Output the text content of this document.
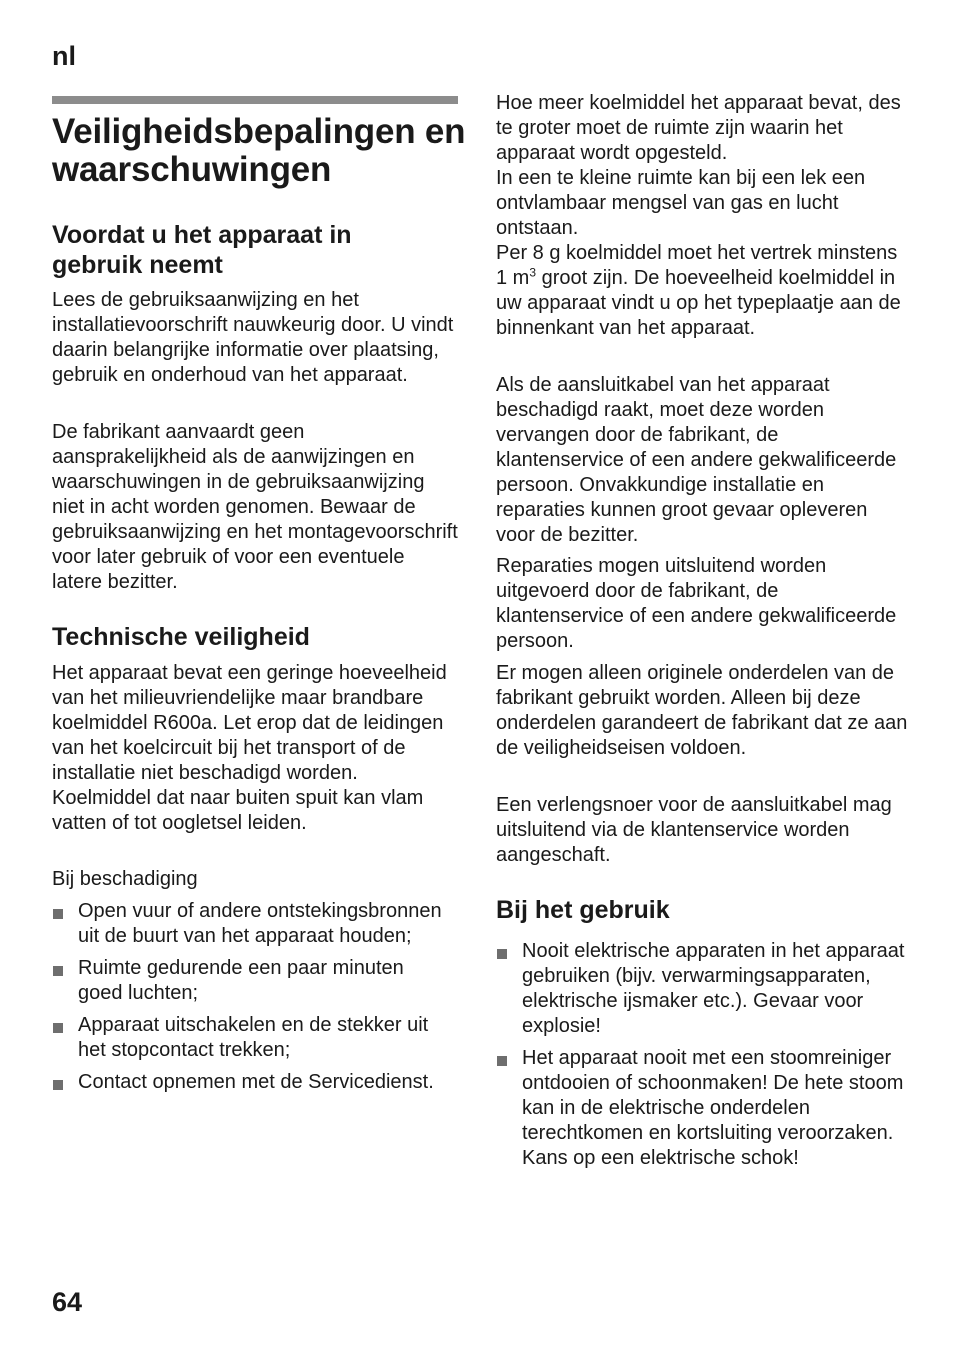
nl
Veiligheidsbepalingen en waarschuwingen
Voordat u het apparaat in gebruik neemt

Lees de gebruiksaanwijzing en het installatievoorschrift nauwkeurig door. U vindt daarin belangrijke informatie over plaatsing, gebruik en onderhoud van het apparaat.

De fabrikant aanvaardt geen aansprakelijkheid als de aanwijzingen en waarschuwingen in de gebruiksaanwijzing niet in acht worden genomen. Bewaar de gebruiksaanwijzing en het montagevoorschrift voor later gebruik of voor een eventuele latere bezitter.

Technische veiligheid

Het apparaat bevat een geringe hoeveelheid van het milieuvriendelijke maar brandbare koelmiddel R600a. Let erop dat de leidingen van het koelcircuit bij het transport of de installatie niet beschadigd worden. Koelmiddel dat naar buiten spuit kan vlam vatten of tot oogletsel leiden.

Bij beschadiging

Open vuur of andere ontstekingsbronnen uit de buurt van het apparaat houden;
Ruimte gedurende een paar minuten goed luchten;
Apparaat uitschakelen en de stekker uit het stopcontact trekken;
Contact opnemen met de Servicedienst.

Hoe meer koelmiddel het apparaat bevat, des te groter moet de ruimte zijn waarin het apparaat wordt opgesteld.

In een te kleine ruimte kan bij een lek een ontvlambaar mengsel van gas en lucht ontstaan.

Per 8 g koelmiddel moet het vertrek minstens 1 $m^3$ groot zijn. De hoeveelheid koelmiddel in uw apparaat vindt u op het typeplaatje aan de binnenkant van het apparaat.

Als de aansluitkabel van het apparaat beschadigd raakt, moet deze worden vervangen door de fabrikant, de klantenservice of een andere gekwalificeerde persoon. Onvakkundige installatie en reparaties kunnen groot gevaar opleveren voor de bezitter.

Reparaties mogen uitsluitend worden uitgevoerd door de fabrikant, de klantenservice of een andere gekwalificeerde persoon.

Er mogen alleen originele onderdelen van de fabrikant gebruikt worden. Alleen bij deze onderdelen garandeert de fabrikant dat ze aan de veiligheidseisen voldoen.

Een verlengsnoer voor de aansluitkabel mag uitsluitend via de klantenservice worden aangeschaft.

Bij het gebruik
Nooit elektrische apparaten in het apparaat gebruiken (bijv. verwarmingsapparaten, elektrische ijsmaker etc.). Gevaar voor explosie!
Het apparaat nooit met een stoomreiniger ontdooien of schoonmaken! De hete stoom kan in de elektrische onderdelen terechtkomen en kortsluiting veroorzaken. Kans op een elektrische schok!
64
